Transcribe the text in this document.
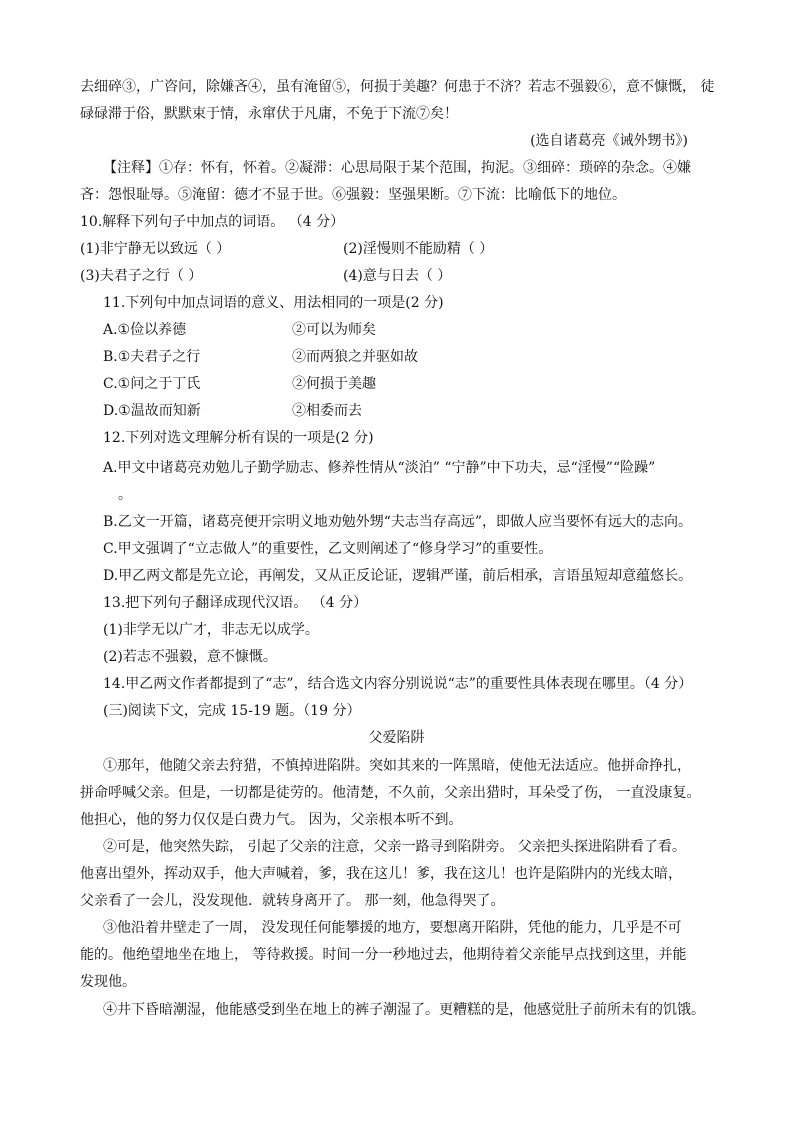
去细碎③，广咨问，除嫌吝④，虽有淹留⑤，何损于美趣？何患于不济？若志不强毅⑥，意不慷慨， 徒
碌碌滞于俗，默默束于情，永窜伏于凡庸，不免于下流⑦矣！
(选自诸葛亮《诫外甥书》)
【注释】①存：怀有，怀着。②凝滞：心思局限于某个范围，拘泥。③细碎：琐碎的杂念。④嫌
吝：怨恨耻辱。⑤淹留：德才不显于世。⑥强毅：坚强果断。⑦下流：比喻低下的地位。
10.解释下列句子中加点的词语。 （4 分）
(1)非宁静无以致远（ ）	(2)淫慢则不能励精（ ）
(3)夫君子之行（ ）	(4)意与日去（ ）
11.下列句中加点词语的意义、用法相同的一项是(2 分)
A.①俭以养德	②可以为师矣
B.①夫君子之行	②而两狼之并驱如故
C.①问之于丁氏	②何损于美趣
D.①温故而知新	②相委而去
12.下列对选文理解分析有误的一项是(2 分)
A.甲文中诸葛亮劝勉儿子勤学励志、修养性情从“淡泊” “宁静”中下功夫，忌“淫慢”“险躁”
。
B.乙文一开篇，诸葛亮便开宗明义地劝勉外甥“夫志当存高远”，即做人应当要怀有远大的志向。
C.甲文强调了“立志做人”的重要性，乙文则阐述了“修身学习”的重要性。
D.甲乙两文都是先立论，再阐发，又从正反论证，逻辑严谨，前后相承，言语虽短却意蕴悠长。
13.把下列句子翻译成现代汉语。 （4 分）
(1)非学无以广才，非志无以成学。
(2)若志不强毅，意不慷慨。
14.甲乙两文作者都提到了“志”，结合选文内容分别说说“志”的重要性具体表现在哪里。（4 分）
(三)阅读下文，完成 15-19 题。（19 分）
父爱陷阱
①那年，他随父亲去狩猎，不慎掉进陷阱。突如其来的一阵黑暗，使他无法适应。他拼命挣扎，
拼命呼喊父亲。但是，一切都是徒劳的。他清楚，不久前，父亲出猎时，耳朵受了伤， 一直没康复。
他担心，他的努力仅仅是白费力气。 因为，父亲根本听不到。
②可是，他突然失踪， 引起了父亲的注意，父亲一路寻到陷阱旁。 父亲把头探进陷阱看了看。
他喜出望外，挥动双手，他大声喊着，爹，我在这儿！爹，我在这儿！也许是陷阱内的光线太暗，
父亲看了一会儿，没发现他．就转身离开了。 那一刻，他急得哭了。
③他沿着井壁走了一周， 没发现任何能攀援的地方，要想离开陷阱，凭他的能力，几乎是不可
能的。他绝望地坐在地上， 等待救援。时间一分一秒地过去，他期待着父亲能早点找到这里，并能
发现他。
④井下昏暗潮湿，他能感受到坐在地上的裤子潮湿了。更糟糕的是，他感觉肚子前所未有的饥饿。
